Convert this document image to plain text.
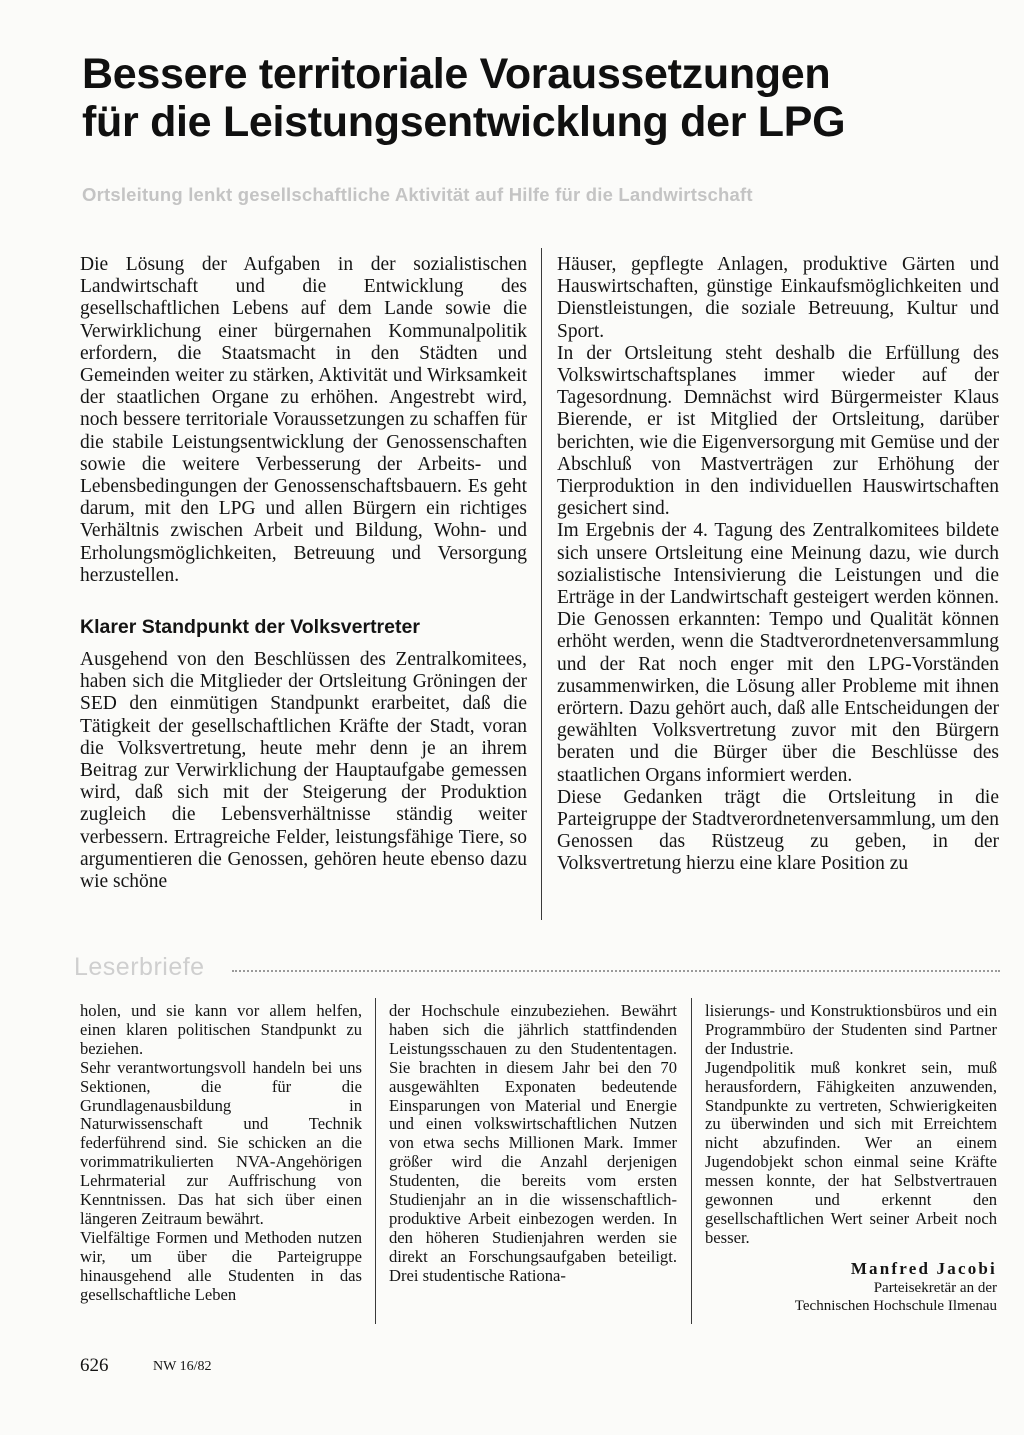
Bessere territoriale Voraussetzungen
für die Leistungsentwicklung der LPG
Ortsleitung lenkt gesellschaftliche Aktivität auf Hilfe für die Landwirtschaft

Die Lösung der Aufgaben in der sozialistischen Landwirtschaft und die Entwicklung des gesellschaftlichen Lebens auf dem Lande sowie die Verwirklichung einer bürgernahen Kommunalpolitik erfordern, die Staatsmacht in den Städten und Gemeinden weiter zu stärken, Aktivität und Wirksamkeit der staatlichen Organe zu erhöhen. Angestrebt wird, noch bessere territoriale Voraussetzungen zu schaffen für die stabile Leistungsentwicklung der Genossenschaften sowie die weitere Verbesserung der Arbeits- und Lebensbedingungen der Genossenschaftsbauern. Es geht darum, mit den LPG und allen Bürgern ein richtiges Verhältnis zwischen Arbeit und Bildung, Wohn- und Erholungsmöglichkeiten, Betreuung und Versorgung herzustellen.

Klarer Standpunkt der Volksvertreter

Ausgehend von den Beschlüssen des Zentralkomitees, haben sich die Mitglieder der Ortsleitung Gröningen der SED den einmütigen Standpunkt erarbeitet, daß die Tätigkeit der gesellschaftlichen Kräfte der Stadt, voran die Volksvertretung, heute mehr denn je an ihrem Beitrag zur Verwirklichung der Hauptaufgabe gemessen wird, daß sich mit der Steigerung der Produktion zugleich die Lebensverhältnisse ständig weiter verbessern. Ertragreiche Felder, leistungsfähige Tiere, so argumentieren die Genossen, gehören heute ebenso dazu wie schöne

Häuser, gepflegte Anlagen, produktive Gärten und Hauswirtschaften, günstige Einkaufsmöglichkeiten und Dienstleistungen, die soziale Betreuung, Kultur und Sport.

In der Ortsleitung steht deshalb die Erfüllung des Volkswirtschaftsplanes immer wieder auf der Tagesordnung. Demnächst wird Bürgermeister Klaus Bierende, er ist Mitglied der Ortsleitung, darüber berichten, wie die Eigenversorgung mit Gemüse und der Abschluß von Mastverträgen zur Erhöhung der Tierproduktion in den individuellen Hauswirtschaften gesichert sind.

Im Ergebnis der 4. Tagung des Zentralkomitees bildete sich unsere Ortsleitung eine Meinung dazu, wie durch sozialistische Intensivierung die Leistungen und die Erträge in der Landwirtschaft gesteigert werden können. Die Genossen erkannten: Tempo und Qualität können erhöht werden, wenn die Stadtverordnetenversammlung und der Rat noch enger mit den LPG-Vorständen zusammenwirken, die Lösung aller Probleme mit ihnen erörtern. Dazu gehört auch, daß alle Entscheidungen der gewählten Volksvertretung zuvor mit den Bürgern beraten und die Bürger über die Beschlüsse des staatlichen Organs informiert werden.

Diese Gedanken trägt die Ortsleitung in die Parteigruppe der Stadtverordnetenversammlung, um den Genossen das Rüstzeug zu geben, in der Volksvertretung hierzu eine klare Position zu

Leserbriefe

holen, und sie kann vor allem helfen, einen klaren politischen Standpunkt zu beziehen.

Sehr verantwortungsvoll handeln bei uns Sektionen, die für die Grundlagenausbildung in Naturwissenschaft und Technik federführend sind. Sie schicken an die vorimmatrikulierten NVA-Angehörigen Lehrmaterial zur Auffrischung von Kenntnissen. Das hat sich über einen längeren Zeitraum bewährt.

Vielfältige Formen und Methoden nutzen wir, um über die Parteigruppe hinausgehend alle Studenten in das gesellschaftliche Leben

der Hochschule einzubeziehen. Bewährt haben sich die jährlich stattfindenden Leistungsschauen zu den Studententagen. Sie brachten in diesem Jahr bei den 70 ausgewählten Exponaten bedeutende Einsparungen von Material und Energie und einen volkswirtschaftlichen Nutzen von etwa sechs Millionen Mark. Immer größer wird die Anzahl derjenigen Studenten, die bereits vom ersten Studienjahr an in die wissenschaftlich-produktive Arbeit einbezogen werden. In den höheren Studienjahren werden sie direkt an Forschungsaufgaben beteiligt. Drei studentische Rationa-

lisierungs- und Konstruktionsbüros und ein Programmbüro der Studenten sind Partner der Industrie.

Jugendpolitik muß konkret sein, muß herausfordern, Fähigkeiten anzuwenden, Standpunkte zu vertreten, Schwierigkeiten zu überwinden und sich mit Erreichtem nicht abzufinden. Wer an einem Jugendobjekt schon einmal seine Kräfte messen konnte, der hat Selbstvertrauen gewonnen und erkennt den gesellschaftlichen Wert seiner Arbeit noch besser.

Manfred Jacobi
Parteisekretär an der
Technischen Hochschule Ilmenau
626	NW 16/82
